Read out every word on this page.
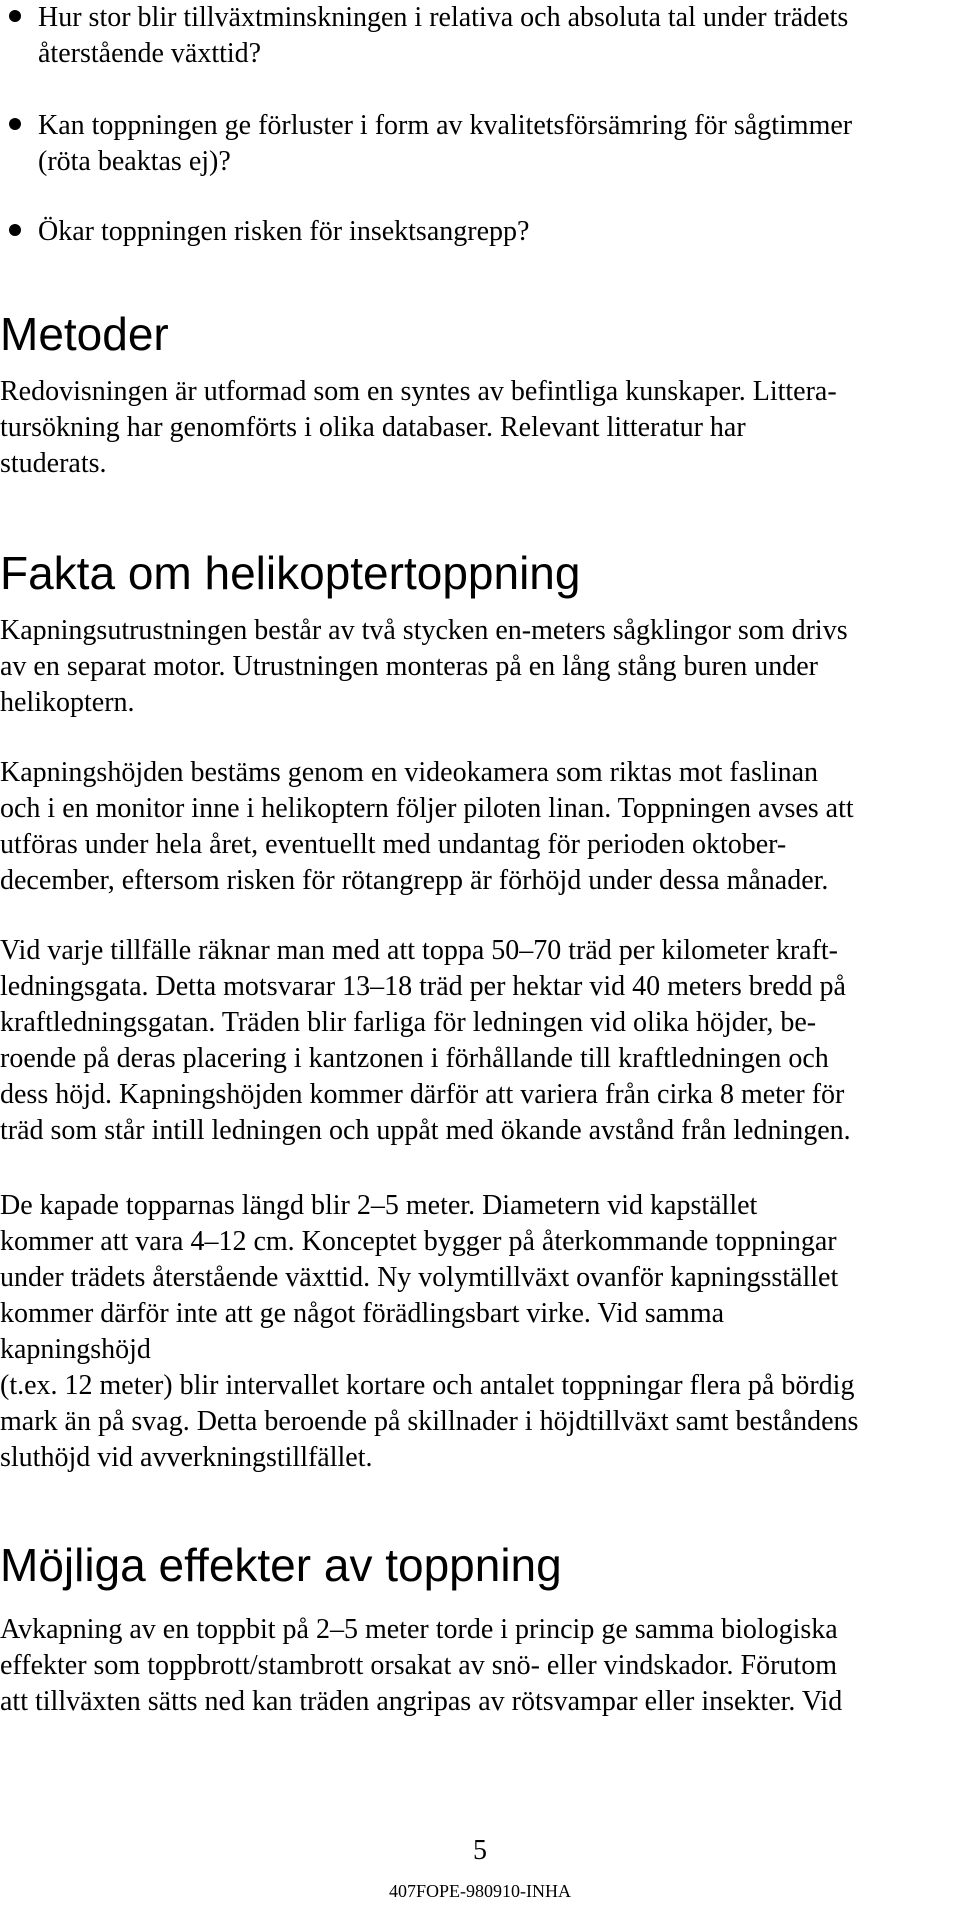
Hur stor blir tillväxtminskningen i relativa och absoluta tal under trädets
återstående växttid?
Kan toppningen ge förluster i form av kvalitetsförsämring för sågtimmer
(röta beaktas ej)?
Ökar toppningen risken för insektsangrepp?
Metoder
Redovisningen är utformad som en syntes av befintliga kunskaper. Littera-
tursökning har genomförts i olika databaser. Relevant litteratur har
studerats.
Fakta om helikoptertoppning
Kapningsutrustningen består av två stycken en-meters sågklingor som drivs
av en separat motor. Utrustningen monteras på en lång stång buren under
helikoptern.
Kapningshöjden bestäms genom en videokamera som riktas mot faslinan
och i en monitor inne i helikoptern följer piloten linan. Toppningen avses att
utföras under hela året, eventuellt med undantag för perioden oktober-
december, eftersom risken för rötangrepp är förhöjd under dessa månader.
Vid varje tillfälle räknar man med att toppa 50–70 träd per kilometer kraft-
ledningsgata. Detta motsvarar 13–18 träd per hektar vid 40 meters bredd på
kraftledningsgatan. Träden blir farliga för ledningen vid olika höjder, be-
roende på deras placering i kantzonen i förhållande till kraftledningen och
dess höjd. Kapningshöjden kommer därför att variera från cirka 8 meter för
träd som står intill ledningen och uppåt med ökande avstånd från ledningen.
De kapade topparnas längd blir 2–5 meter. Diametern vid kapstället
kommer att vara 4–12 cm. Konceptet bygger på återkommande toppningar
under trädets återstående växttid. Ny volymtillväxt ovanför kapningsstället
kommer därför inte att ge något förädlingsbart virke. Vid samma
kapningshöjd
(t.ex. 12 meter) blir intervallet kortare och antalet toppningar flera på bördig
mark än på svag. Detta beroende på skillnader i höjdtillväxt samt beståndens
sluthöjd vid avverkningstillfället.
Möjliga effekter av toppning
Avkapning av en toppbit på 2–5 meter torde i princip ge samma biologiska
effekter som toppbrott/stambrott orsakat av snö- eller vindskador. Förutom
att tillväxten sätts ned kan träden angripas av rötsvampar eller insekter. Vid
5
407FOPE-980910-INHA
